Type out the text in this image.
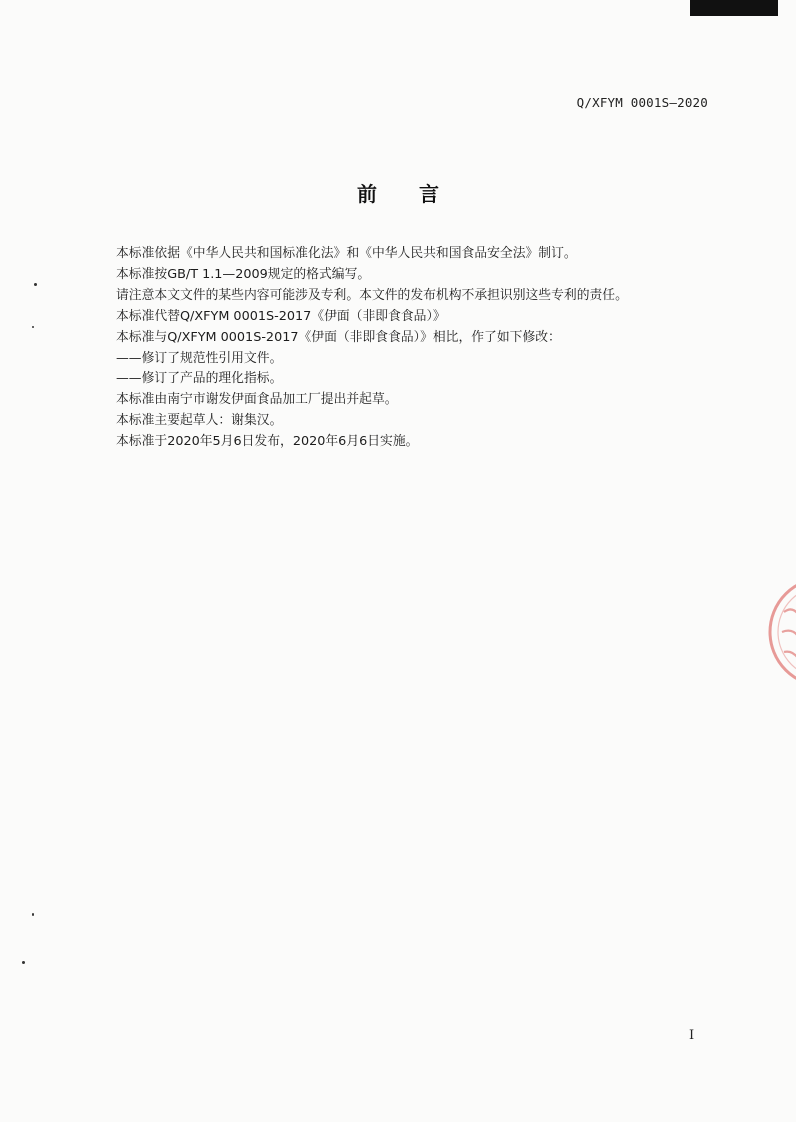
Q/XFYM 0001S—2020
前言
本标准依据《中华人民共和国标准化法》和《中华人民共和国食品安全法》制订。
本标准按GB/T 1.1—2009规定的格式编写。
请注意本文文件的某些内容可能涉及专利。本文件的发布机构不承担识别这些专利的责任。
本标准代替Q/XFYM 0001S-2017《伊面（非即食食品）》
本标准与Q/XFYM 0001S-2017《伊面（非即食食品）》相比，作了如下修改：
——修订了规范性引用文件。
——修订了产品的理化指标。
本标准由南宁市谢发伊面食品加工厂提出并起草。
本标准主要起草人：谢集汉。
本标准于2020年5月6日发布，2020年6月6日实施。
I
